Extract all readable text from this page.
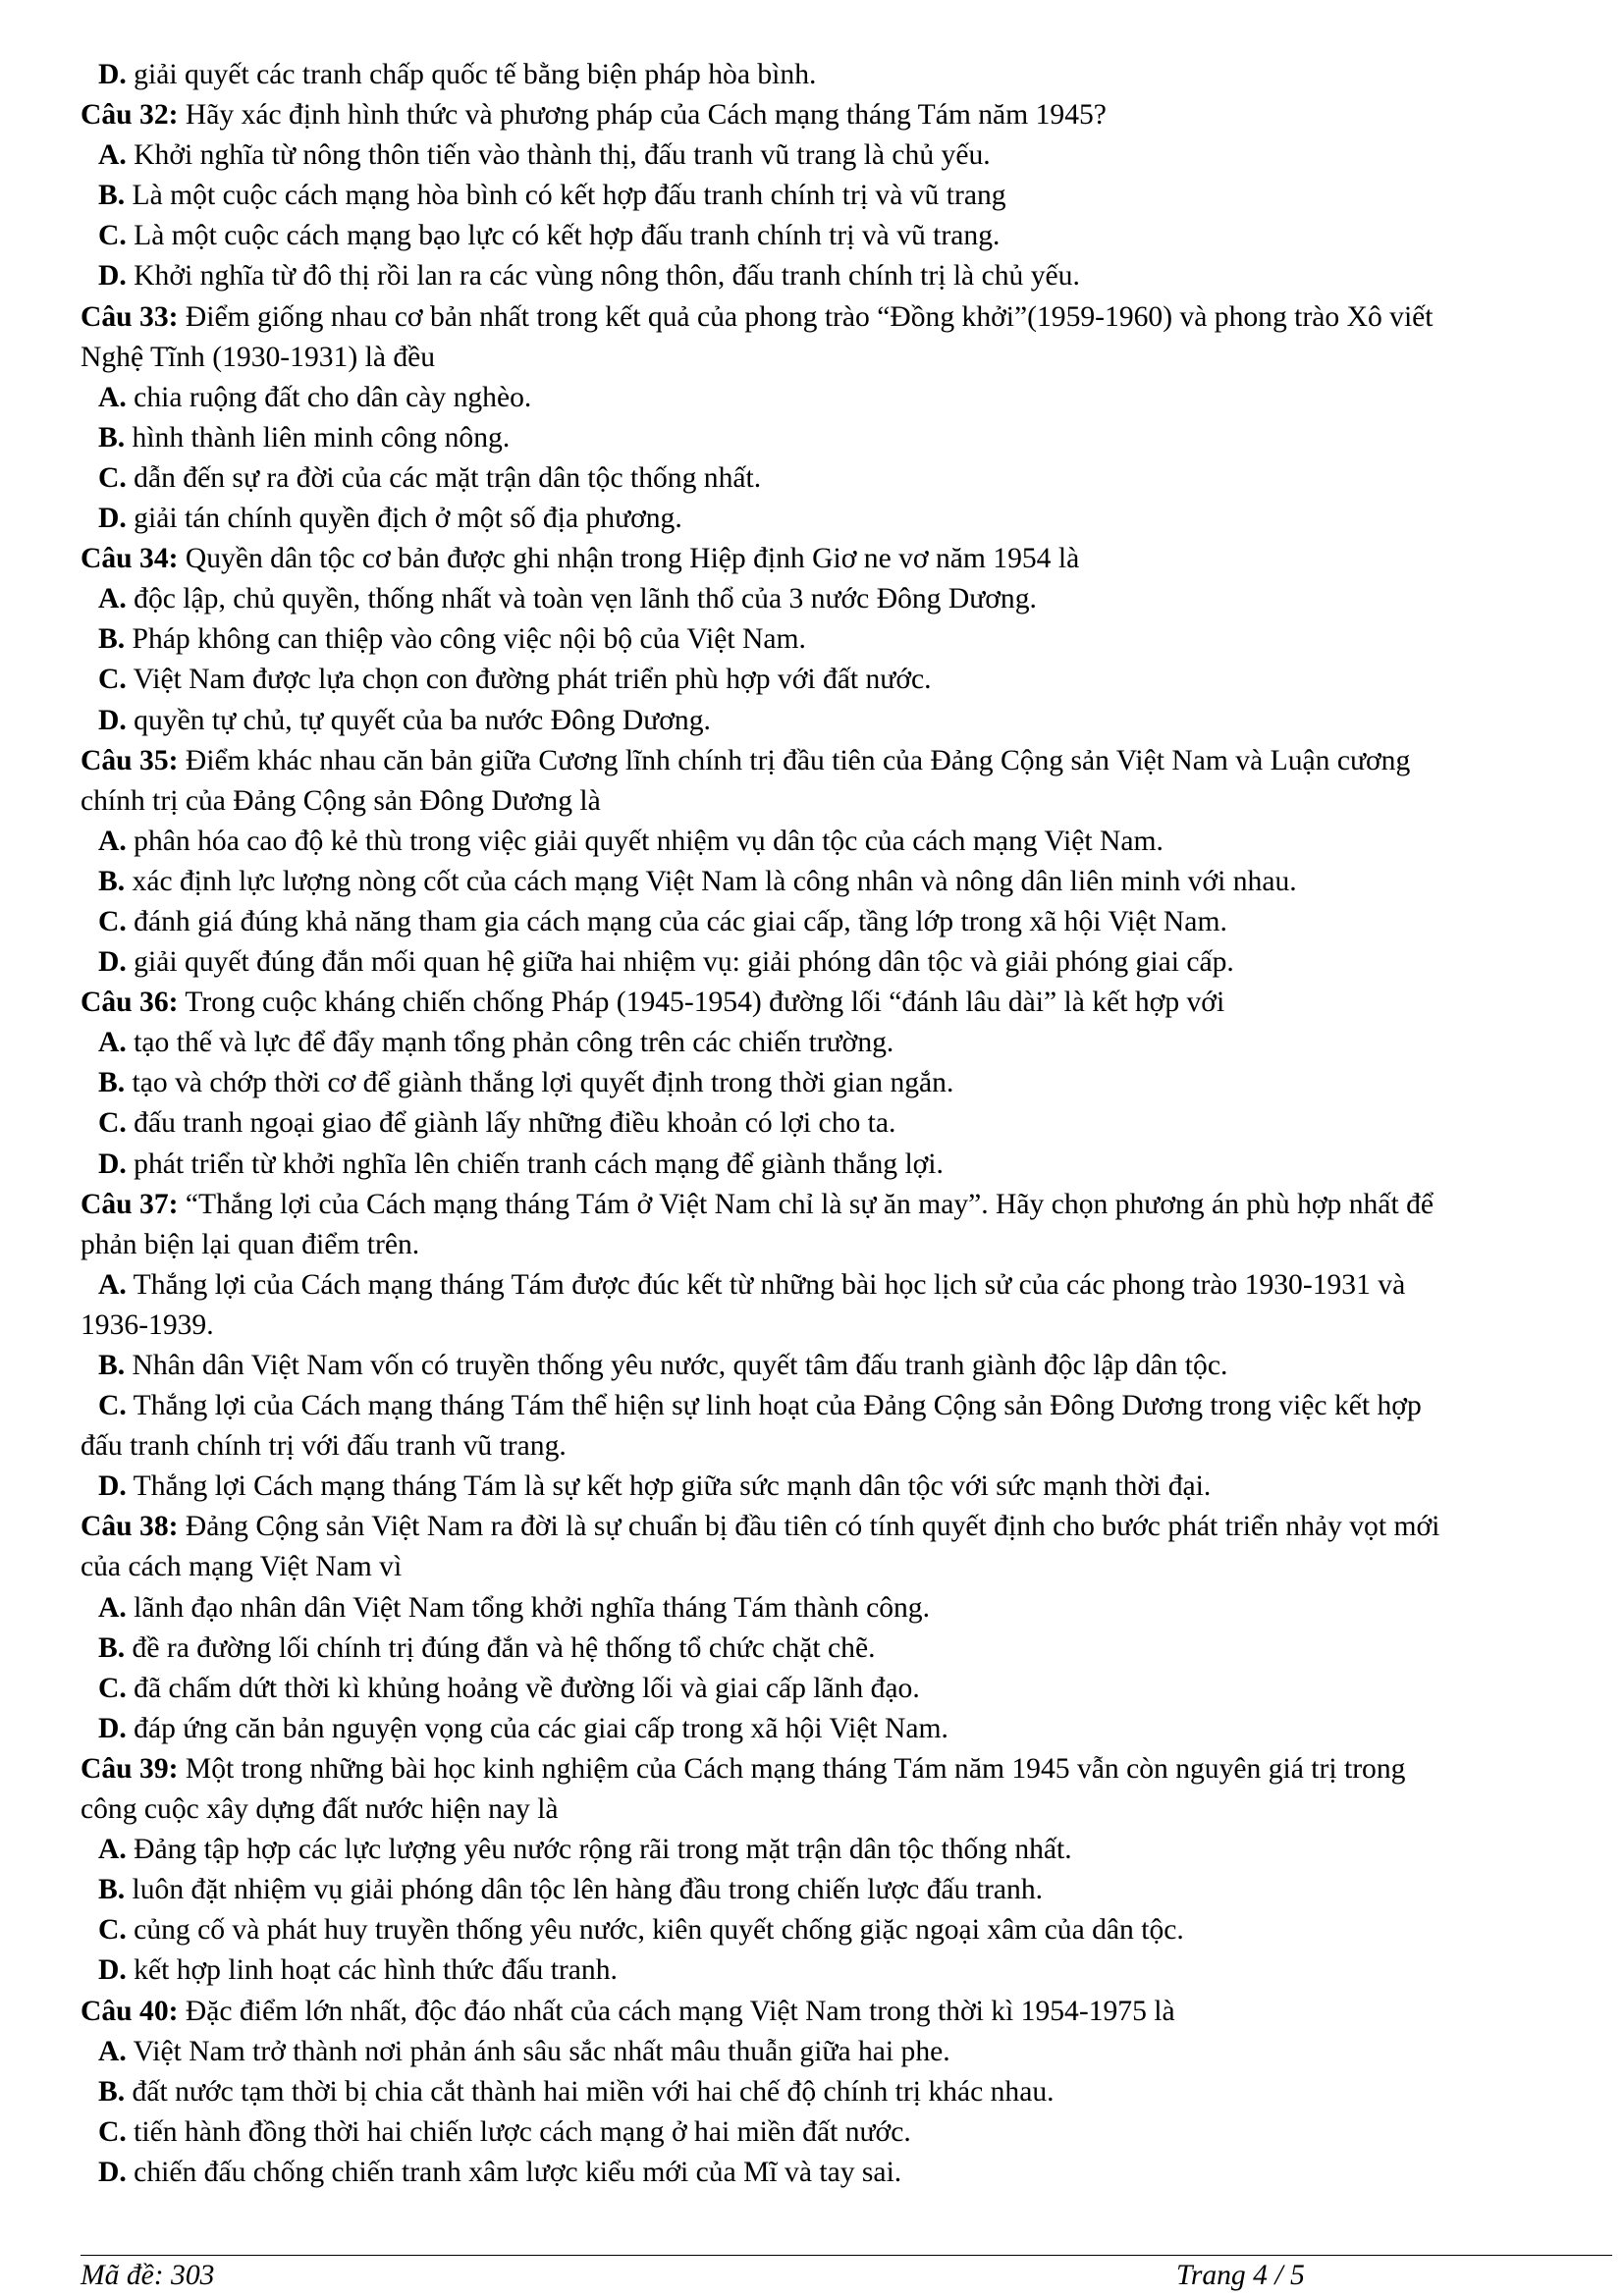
D. giải quyết các tranh chấp quốc tế bằng biện pháp hòa bình.

Câu 32: Hãy xác định hình thức và phương pháp của Cách mạng tháng Tám năm 1945?

A. Khởi nghĩa từ nông thôn tiến vào thành thị, đấu tranh vũ trang là chủ yếu.

B. Là một cuộc cách mạng hòa bình có kết hợp đấu tranh chính trị và vũ trang

C. Là một cuộc cách mạng bạo lực có kết hợp đấu tranh chính trị và vũ trang.

D. Khởi nghĩa từ đô thị rồi lan ra các vùng nông thôn, đấu tranh chính trị là chủ yếu.

Câu 33: Điểm giống nhau cơ bản nhất trong kết quả của phong trào “Đồng khởi”(1959-1960) và phong trào Xô viết

Nghệ Tĩnh (1930-1931) là đều

A. chia ruộng đất cho dân cày nghèo.

B. hình thành liên minh công nông.

C. dẫn đến sự ra đời của các mặt trận dân tộc thống nhất.

D. giải tán chính quyền địch ở một số địa phương.

Câu 34: Quyền dân tộc cơ bản được ghi nhận trong Hiệp định Giơ ne vơ năm 1954 là

A. độc lập, chủ quyền, thống nhất và toàn vẹn lãnh thổ của 3 nước Đông Dương.

B. Pháp không can thiệp vào công việc nội bộ của Việt Nam.

C. Việt Nam được lựa chọn con đường phát triển phù hợp với đất nước.

D. quyền tự chủ, tự quyết của ba nước Đông Dương.

Câu 35: Điểm khác nhau căn bản giữa Cương lĩnh chính trị đầu tiên của Đảng Cộng sản Việt Nam và Luận cương

chính trị của Đảng Cộng sản Đông Dương là

A. phân hóa cao độ kẻ thù trong việc giải quyết nhiệm vụ dân tộc của cách mạng Việt Nam.

B. xác định lực lượng nòng cốt của cách mạng Việt Nam là công nhân và nông dân liên minh với nhau.

C. đánh giá đúng khả năng tham gia cách mạng của các giai cấp, tầng lớp trong xã hội Việt Nam.

D. giải quyết đúng đắn mối quan hệ giữa hai nhiệm vụ: giải phóng dân tộc và giải phóng giai cấp.

Câu 36: Trong cuộc kháng chiến chống Pháp (1945-1954) đường lối “đánh lâu dài” là kết hợp với

A. tạo thế và lực để đẩy mạnh tổng phản công trên các chiến trường.

B. tạo và chớp thời cơ để giành thắng lợi quyết định trong thời gian ngắn.

C. đấu tranh ngoại giao để giành lấy những điều khoản có lợi cho ta.

D. phát triển từ khởi nghĩa lên chiến tranh cách mạng để giành thắng lợi.

Câu 37: “Thắng lợi của Cách mạng tháng Tám ở Việt Nam chỉ là sự ăn may”. Hãy chọn phương án phù hợp nhất để

phản biện lại quan điểm trên.

A. Thắng lợi của Cách mạng tháng Tám được đúc kết từ những bài học lịch sử của các phong trào 1930-1931 và

1936-1939.

B. Nhân dân Việt Nam vốn có truyền thống yêu nước, quyết tâm đấu tranh giành độc lập dân tộc.

C. Thắng lợi của Cách mạng tháng Tám thể hiện sự linh hoạt của Đảng Cộng sản Đông Dương trong việc kết hợp

đấu tranh chính trị với đấu tranh vũ trang.

D. Thắng lợi Cách mạng tháng Tám là sự kết hợp giữa sức mạnh dân tộc với sức mạnh thời đại.

Câu 38: Đảng Cộng sản Việt Nam ra đời là sự chuẩn bị đầu tiên có tính quyết định cho bước phát triển nhảy vọt mới

của cách mạng Việt Nam vì

A. lãnh đạo nhân dân Việt Nam tổng khởi nghĩa tháng Tám thành công.

B. đề ra đường lối chính trị đúng đắn và hệ thống tổ chức chặt chẽ.

C. đã chấm dứt thời kì khủng hoảng về đường lối và giai cấp lãnh đạo.

D. đáp ứng căn bản nguyện vọng của các giai cấp trong xã hội Việt Nam.

Câu 39: Một trong những bài học kinh nghiệm của Cách mạng tháng Tám năm 1945 vẫn còn nguyên giá trị trong

công cuộc xây dựng đất nước hiện nay là

A. Đảng tập hợp các lực lượng yêu nước rộng rãi trong mặt trận dân tộc thống nhất.

B. luôn đặt nhiệm vụ giải phóng dân tộc lên hàng đầu trong chiến lược đấu tranh.

C. củng cố và phát huy truyền thống yêu nước, kiên quyết chống giặc ngoại xâm của dân tộc.

D. kết hợp linh hoạt các hình thức đấu tranh.

Câu 40: Đặc điểm lớn nhất, độc đáo nhất của cách mạng Việt Nam trong thời kì 1954-1975 là

A. Việt Nam trở thành nơi phản ánh sâu sắc nhất mâu thuẫn giữa hai phe.

B. đất nước tạm thời bị chia cắt thành hai miền với hai chế độ chính trị khác nhau.

C. tiến hành đồng thời hai chiến lược cách mạng ở hai miền đất nước.

D. chiến đấu chống chiến tranh xâm lược kiểu mới của Mĩ và tay sai.

Mã đề: 303	Trang 4 / 5
